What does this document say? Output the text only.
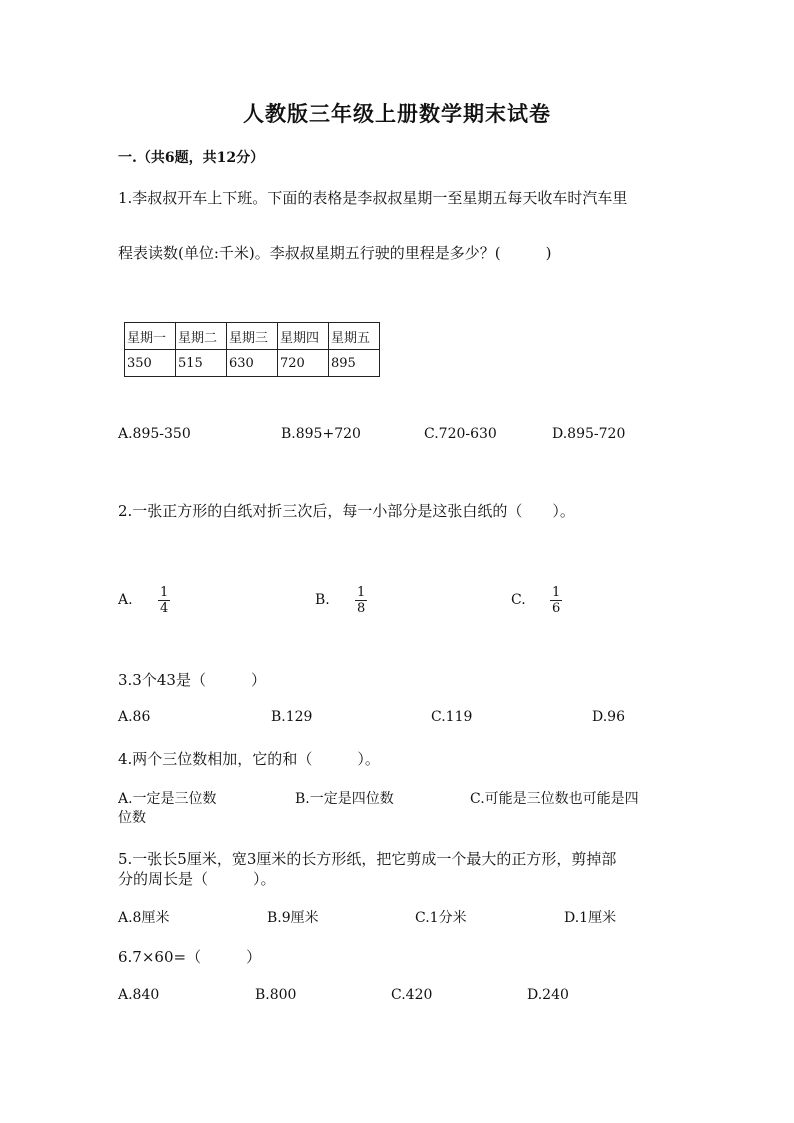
人教版三年级上册数学期末试卷
一.（共6题，共12分）
1.李叔叔开车上下班。下面的表格是李叔叔星期一至星期五每天收车时汽车里
程表读数(单位:千米)。李叔叔星期五行驶的里程是多少？(　　　)
星期一	星期二	星期三	星期四	星期五
350	515	630	720	895
A.895-350	B.895+720	C.720-630	D.895-720
2.一张正方形的白纸对折三次后，每一小部分是这张白纸的（　　）。
A. $\frac{1}{4}$	B. $\frac{1}{8}$	C. $\frac{1}{6}$
3.3个43是（　　　）
A.86	B.129	C.119	D.96
4.两个三位数相加，它的和（　　　）。
A.一定是三位数	B.一定是四位数	C.可能是三位数也可能是四
位数
5.一张长5厘米，宽3厘米的长方形纸，把它剪成一个最大的正方形，剪掉部
分的周长是（　　　）。
A.8厘米	B.9厘米	C.1分米	D.1厘米
6.7×60=（　　　）
A.840	B.800	C.420	D.240
